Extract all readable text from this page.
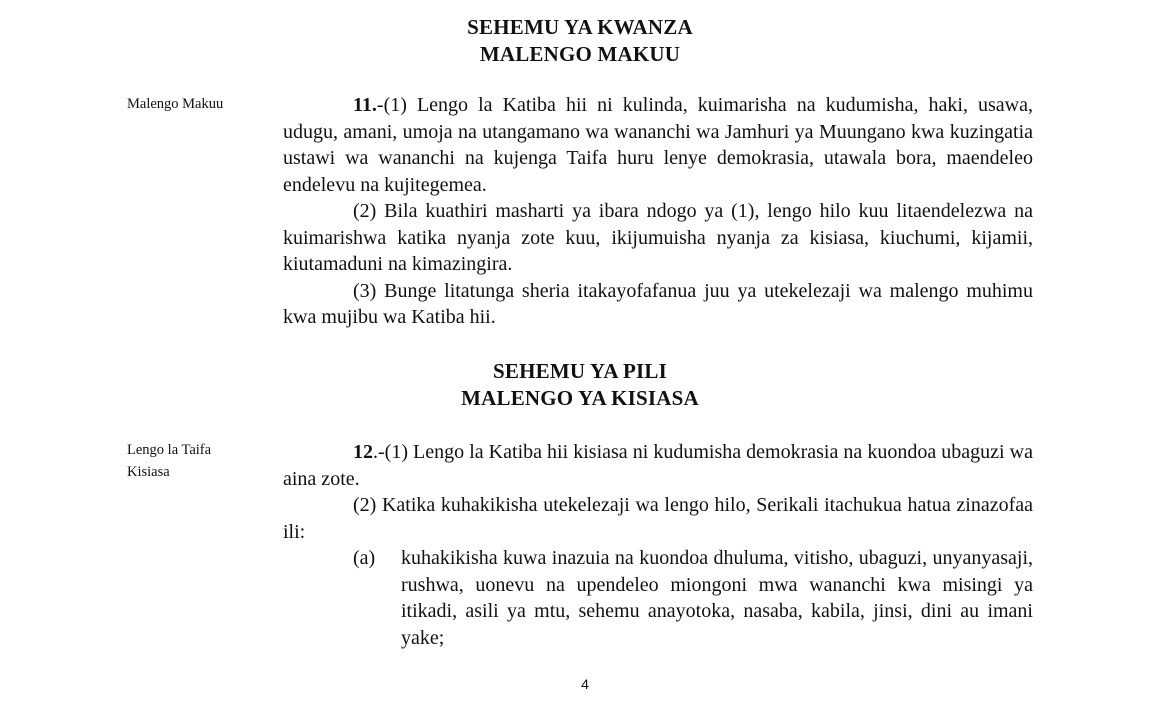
SEHEMU YA KWANZA
MALENGO MAKUU
Malengo Makuu	11.-(1) Lengo la Katiba hii ni kulinda, kuimarisha na kudumisha, haki, usawa, udugu, amani, umoja na utangamano wa wananchi wa Jamhuri ya Muungano kwa kuzingatia ustawi wa wananchi na kujenga Taifa huru lenye demokrasia, utawala bora, maendeleo endelevu na kujitegemea.

(2) Bila kuathiri masharti ya ibara ndogo ya (1), lengo hilo kuu litaendelezwa na kuimarishwa katika nyanja zote kuu, ikijumuisha nyanja za kisiasa, kiuchumi, kijamii, kiutamaduni na kimazingira.

(3) Bunge litatunga sheria itakayofafanua juu ya utekelezaji wa malengo muhimu kwa mujibu wa Katiba hii.

SEHEMU YA PILI
MALENGO YA KISIASA
Lengo la Taifa
Kisiasa

12.-(1) Lengo la Katiba hii kisiasa ni kudumisha demokrasia na kuondoa ubaguzi wa aina zote.

(2) Katika kuhakikisha utekelezaji wa lengo hilo, Serikali itachukua hatua zinazofaa ili:

(a) kuhakikisha kuwa inazuia na kuondoa dhuluma, vitisho, ubaguzi, unyanyasaji, rushwa, uonevu na upendeleo miongoni mwa wananchi kwa misingi ya itikadi, asili ya mtu, sehemu anayotoka, nasaba, kabila, jinsi, dini au imani yake;
4
